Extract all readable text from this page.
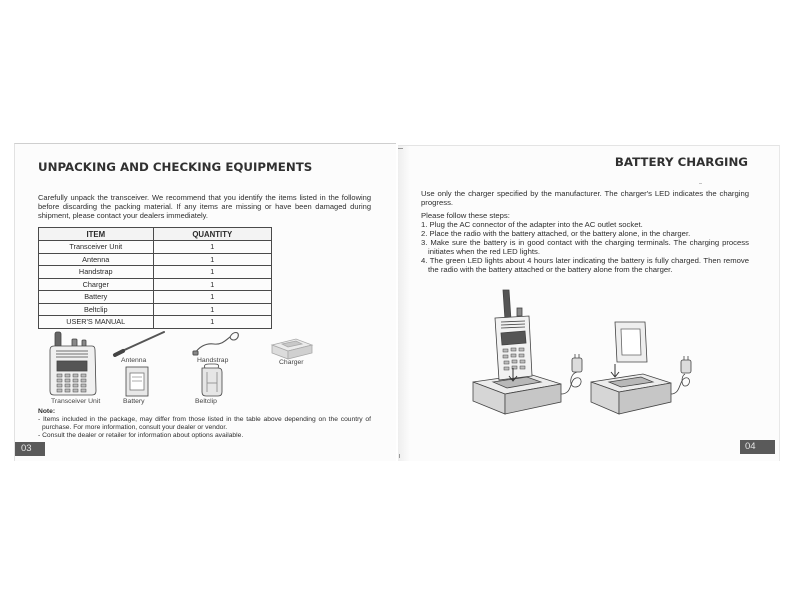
UNPACKING AND CHECKING EQUIPMENTS
Carefully unpack the transceiver. We recommend that you identify the items listed in the following before discarding the packing material. If any items are missing or have been damaged during shipment, please contact your dealers immediately.
ITEM	QUANTITY
Transceiver Unit	1
Antenna	1
Handstrap	1
Charger	1
Battery	1
Beltclip	1
USER'S MANUAL	1
Transceiver Unit
Antenna	Handstrap	Charger
Battery	Beltclip
Note:
- Items included in the package, may differ from those listed in the table above depending on the country of purchase. For more information, consult your dealer or vendor.
- Consult the dealer or retailer for information about options available.
03
BATTERY CHARGING
Use only the charger specified by the manufacturer. The charger's LED indicates the charging progress.
Please follow these steps:
1. Plug the AC connector of the adapter into the AC outlet socket.
2. Place the radio with the battery attached, or the battery alone, in the charger.
3. Make sure the battery is in good contact with the charging terminals. The charging process initiates when the red LED lights.
4. The green LED lights about 4 hours later indicating the battery is fully charged. Then remove the radio with the battery attached or the battery alone from the charger.
04
